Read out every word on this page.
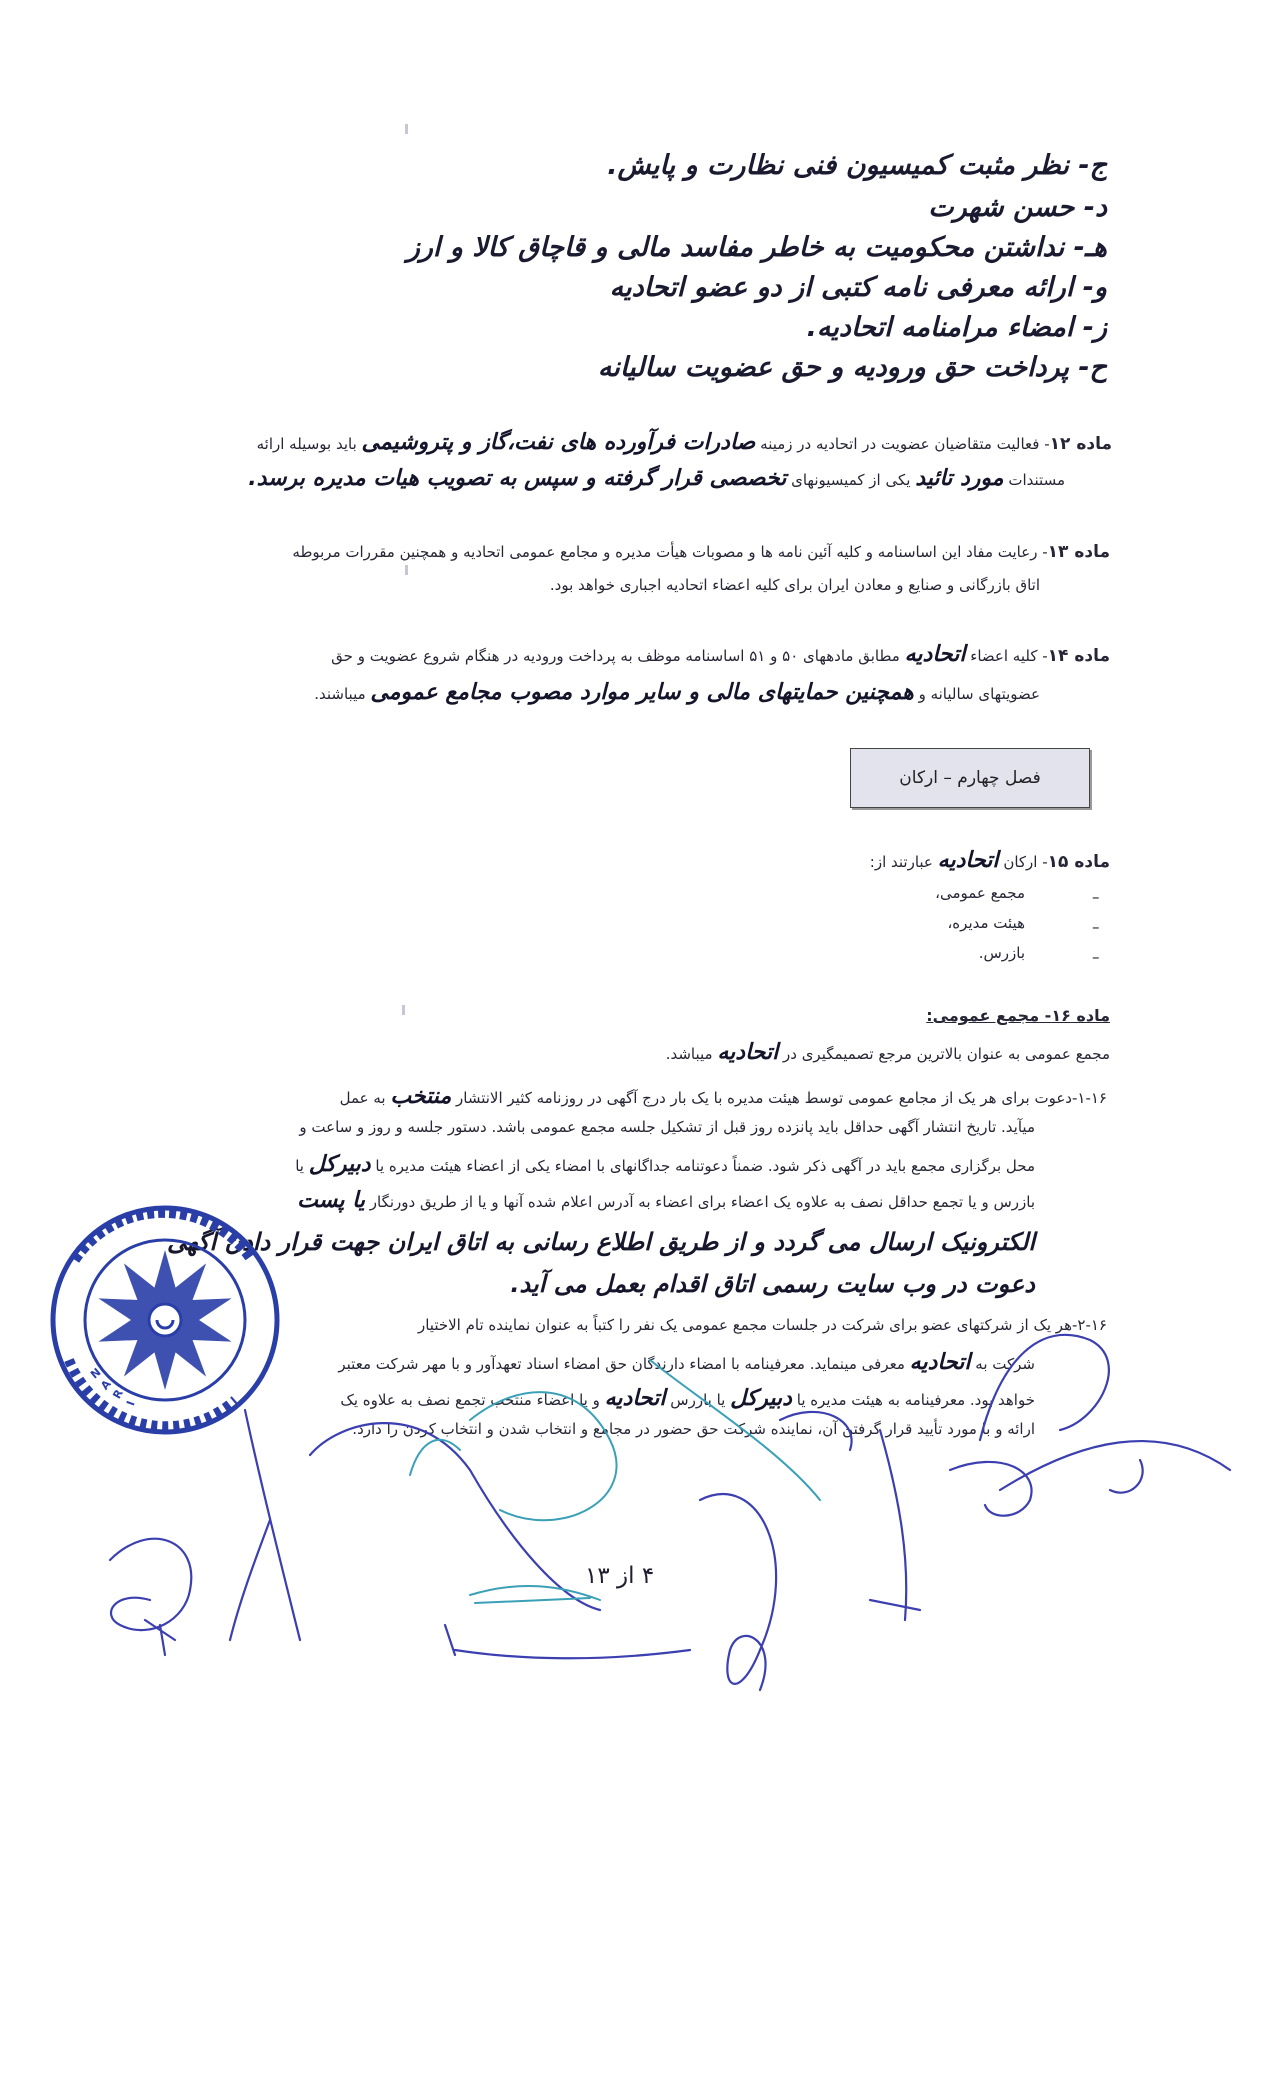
ج- نظر مثبت کمیسیون فنی نظارت و پایش.
د- حسن شهرت
هـ- نداشتن محکومیت به خاطر مفاسد مالی و قاچاق کالا و ارز
و- ارائه معرفی نامه کتبی از دو عضو اتحادیه
ز- امضاء مرامنامه اتحادیه.
ح- پرداخت حق ورودیه و حق عضویت سالیانه
ماده ۱۲- فعالیت متقاضیان عضویت در اتحادیه در زمینه صادرات فرآورده های نفت،گاز و پتروشیمی باید بوسیله ارائه
مستندات مورد تائید یکی از کمیسیونهای تخصصی قرار گرفته و سپس به تصویب هیات مدیره برسد.
ماده ۱۳- رعایت مفاد این اساسنامه و کلیه آئین نامه ها و مصوبات هیأت مدیره و مجامع عمومی اتحادیه و همچنین مقررات مربوطه
اتاق بازرگانی و صنایع و معادن ایران برای کلیه اعضاء اتحادیه اجباری خواهد بود.
ماده ۱۴- کلیه اعضاء اتحادیه مطابق مادههای ۵۰ و ۵۱ اساسنامه موظف به پرداخت ورودیه در هنگام شروع عضویت و حق
عضویتهای سالیانه و همچنین حمایتهای مالی و سایر موارد مصوب مجامع عمومی میباشند.
فصل چهارم – ارکان
ماده ۱۵- ارکان اتحادیه عبارتند از:
مجمع عمومی،
هیئت مدیره،
بازرس.
–
–
–
ماده ۱۶- مجمع عمومی:
مجمع عمومی به عنوان بالاترین مرجع تصمیمگیری در اتحادیه میباشد.
۱-۱۶-دعوت برای هر یک از مجامع عمومی توسط هیئت مدیره با یک بار درج آگهی در روزنامه کثیر الانتشار منتخب به عمل
میآید. تاریخ انتشار آگهی حداقل باید پانزده روز قبل از تشکیل جلسه مجمع عمومی باشد. دستور جلسه و روز و ساعت و
محل برگزاری مجمع باید در آگهی ذکر شود. ضمناً دعوتنامه جداگانهای با امضاء یکی از اعضاء هیئت مدیره یا دبیرکل یا
بازرس و یا تجمع حداقل نصف به علاوه یک اعضاء برای اعضاء به آدرس اعلام شده آنها و یا از طریق دورنگار یا پست
الکترونیک ارسال می گردد و از طریق اطلاع رسانی به اتاق ایران جهت قرار دادن آگهی
دعوت در وب سایت رسمی اتاق اقدام بعمل می آید.
۲-۱۶-هر یک از شرکتهای عضو برای شرکت در جلسات مجمع عمومی یک نفر را کتباً به عنوان نماینده تام الاختیار
شرکت به اتحادیه معرفی مینماید. معرفینامه با امضاء دارندگان حق امضاء اسناد تعهدآور و با مهر شرکت معتبر
خواهد بود. معرفینامه به هیئت مدیره یا دبیرکل یا بازرس اتحادیه و یا اعضاء منتخب تجمع نصف به علاوه یک
ارائه و با مورد تأیید قرار گرفتن آن، نماینده شرکت حق حضور در مجامع و انتخاب شدن و انتخاب کردن را دارد.
۴ از ۱۳
I
R
A
N
